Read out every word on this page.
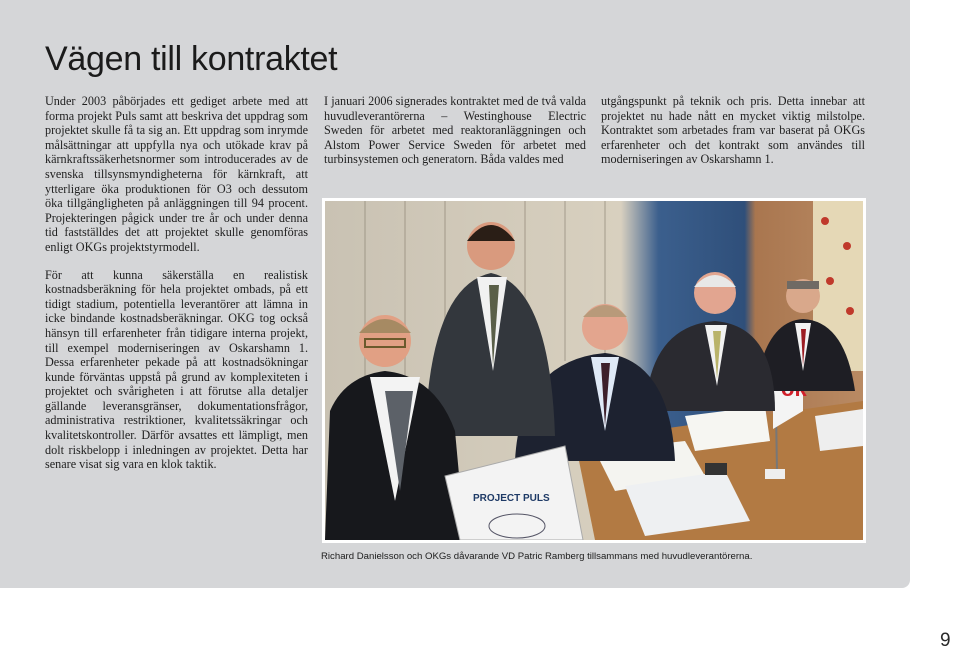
Vägen till kontraktet

Under 2003 påbörjades ett gediget arbete med att forma projekt Puls samt att beskriva det uppdrag som projektet skulle få ta sig an. Ett uppdrag som inrymde målsättningar att uppfylla nya och utökade krav på kärnkraftssäkerhetsnormer som introducerades av de svenska tillsynsmyndigheterna för kärnkraft, att ytterligare öka produktionen för O3 och dessutom öka tillgängligheten på anläggningen till 94 procent. Projekteringen pågick under tre år och under denna tid fastställdes det att projektet skulle genomföras enligt OKGs projektstyrmodell.

För att kunna säkerställa en realistisk kostnadsberäkning för hela projektet ombads, på ett tidigt stadium, potentiella leverantörer att lämna in icke bindande kostnadsberäkningar. OKG tog också hänsyn till erfarenheter från tidigare interna projekt, till exempel moderniseringen av Oskarshamn 1. Dessa erfarenheter pekade på att kostnadsökningar kunde förväntas uppstå på grund av komplexiteten i projektet och svårigheten i att förutse alla detaljer gällande leveransgränser, dokumentationsfrågor, administrativa restriktioner, kvalitetssäkringar och kvalitetskontroller. Därför avsattes ett lämpligt, men dolt riskbelopp i inledningen av projektet. Detta har senare visat sig vara en klok taktik.

I januari 2006 signerades kontraktet med de två valda huvudleverantörerna – Westinghouse Electric Sweden för arbetet med reaktoranläggningen och Alstom Power Service Sweden för arbetet med turbinsystemen och generatorn. Båda valdes med

utgångspunkt på teknik och pris. Detta innebar att projektet nu hade nått en mycket viktig milstolpe. Kontraktet som arbetades fram var baserat på OKGs erfarenheter och det kontrakt som användes till moderniseringen av Oskarshamn 1.

PROJECT PULS
Richard Danielsson och OKGs dåvarande VD Patric Ramberg tillsammans med huvudleverantörerna.
9
